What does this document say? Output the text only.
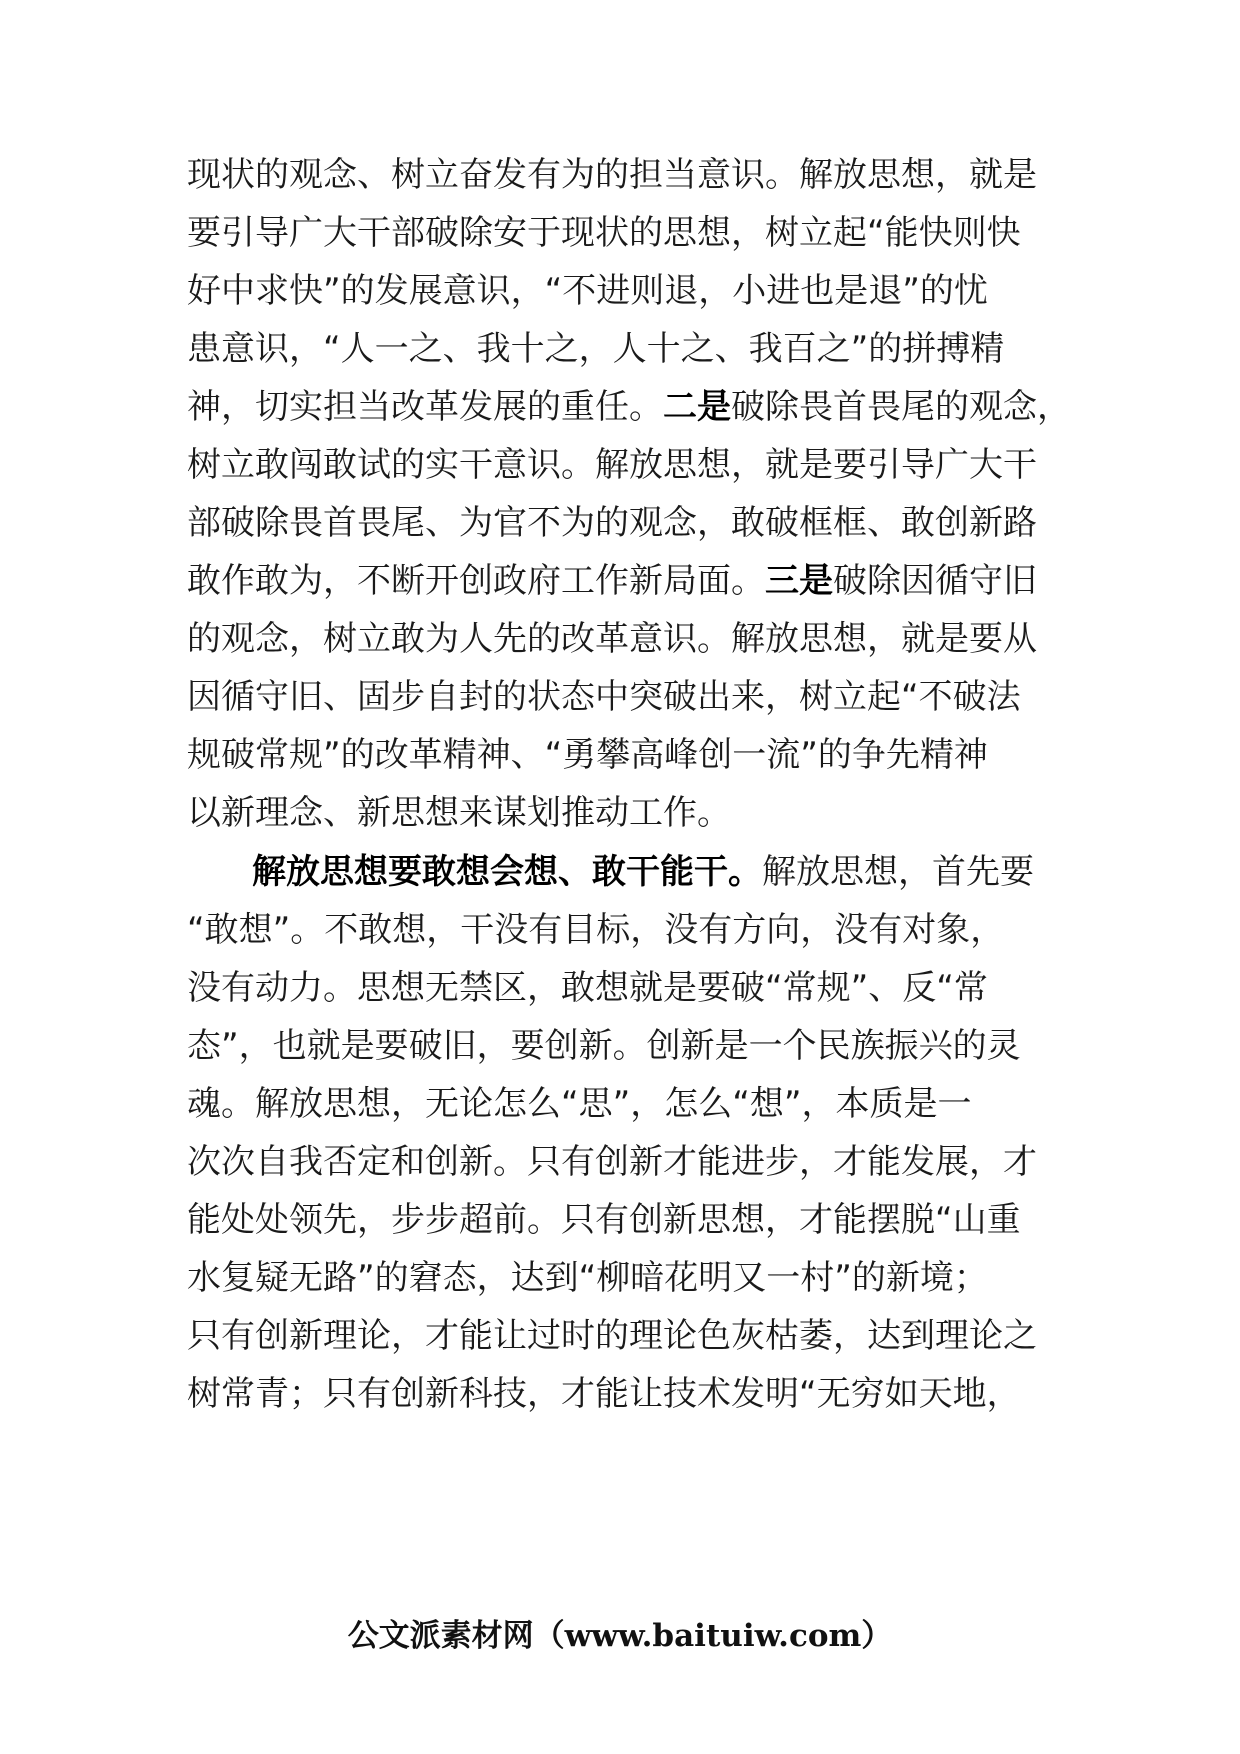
现状的观念、树立奋发有为的担当意识。解放思想，就是
要引导广大干部破除安于现状的思想，树立起“能快则快
好中求快”的发展意识，“不进则退，小进也是退”的忧
患意识，“人一之、我十之，人十之、我百之”的拼搏精
神，切实担当改革发展的重任。二是破除畏首畏尾的观念，
树立敢闯敢试的实干意识。解放思想，就是要引导广大干
部破除畏首畏尾、为官不为的观念，敢破框框、敢创新路
敢作敢为，不断开创政府工作新局面。三是破除因循守旧
的观念，树立敢为人先的改革意识。解放思想，就是要从
因循守旧、固步自封的状态中突破出来，树立起“不破法
规破常规”的改革精神、“勇攀高峰创一流”的争先精神
以新理念、新思想来谋划推动工作。
解放思想要敢想会想、敢干能干。解放思想，首先要
“敢想”。不敢想，干没有目标，没有方向，没有对象，
没有动力。思想无禁区，敢想就是要破“常规”、反“常
态”，也就是要破旧，要创新。创新是一个民族振兴的灵
魂。解放思想，无论怎么“思”，怎么“想”，本质是一
次次自我否定和创新。只有创新才能进步，才能发展，才
能处处领先，步步超前。只有创新思想，才能摆脱“山重
水复疑无路”的窘态，达到“柳暗花明又一村”的新境；
只有创新理论，才能让过时的理论色灰枯萎，达到理论之
树常青；只有创新科技，才能让技术发明“无穷如天地，
公文派素材网（www.baituiw.com）
